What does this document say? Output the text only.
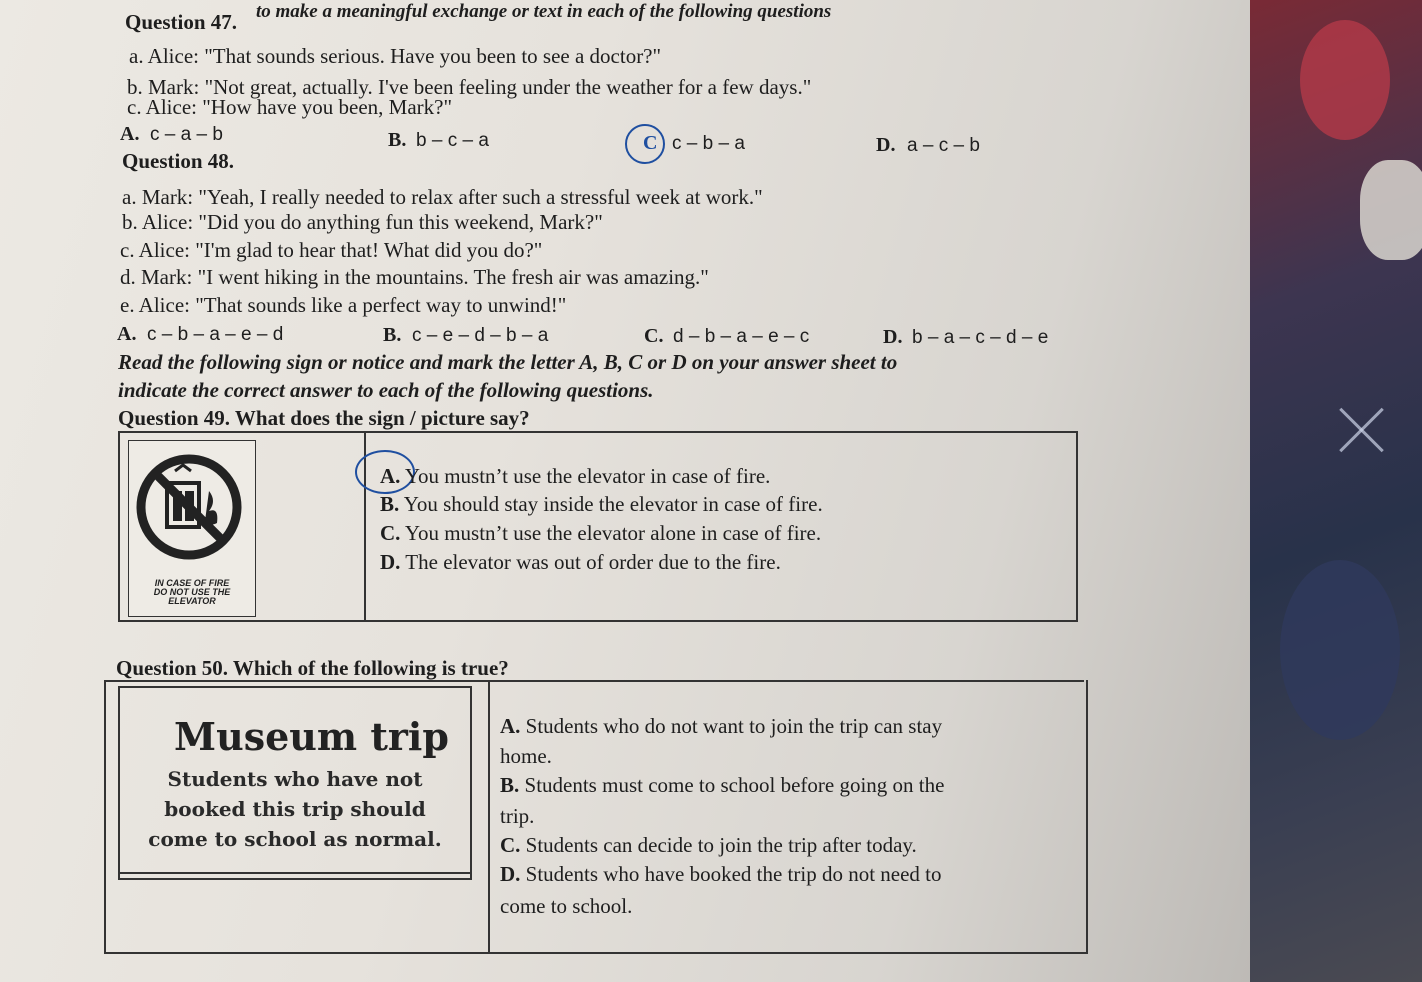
to make a meaningful exchange or text in each of the following questions
Question 47.
a. Alice: "That sounds serious. Have you been to see a doctor?"
b. Mark: "Not great, actually. I've been feeling under the weather for a few days."
c. Alice: "How have you been, Mark?"
A. c – a – b	B. b – c – a	C c – b – a	D. a – c – b
Question 48.
a. Mark: "Yeah, I really needed to relax after such a stressful week at work."
b. Alice: "Did you do anything fun this weekend, Mark?"
c. Alice: "I'm glad to hear that! What did you do?"
d. Mark: "I went hiking in the mountains. The fresh air was amazing."
e. Alice: "That sounds like a perfect way to unwind!"
A. c – b – a – e – d	B. c – e – d – b – a	C. d – b – a – e – c	D. b – a – c – d – e
Read the following sign or notice and mark the letter A, B, C or D on your answer sheet to
indicate the correct answer to each of the following questions.
Question 49. What does the sign / picture say?
IN CASE OF FIRE
DO NOT USE THE
ELEVATOR
A. You mustn’t use the elevator in case of fire.
B. You should stay inside the elevator in case of fire.
C. You mustn’t use the elevator alone in case of fire.
D. The elevator was out of order due to the fire.
Question 50. Which of the following is true?
Museum trip
Students who have not
booked this trip should
come to school as normal.
A. Students who do not want to join the trip can stay
home.
B. Students must come to school before going on the
trip.
C. Students can decide to join the trip after today.
D. Students who have booked the trip do not need to
come to school.
